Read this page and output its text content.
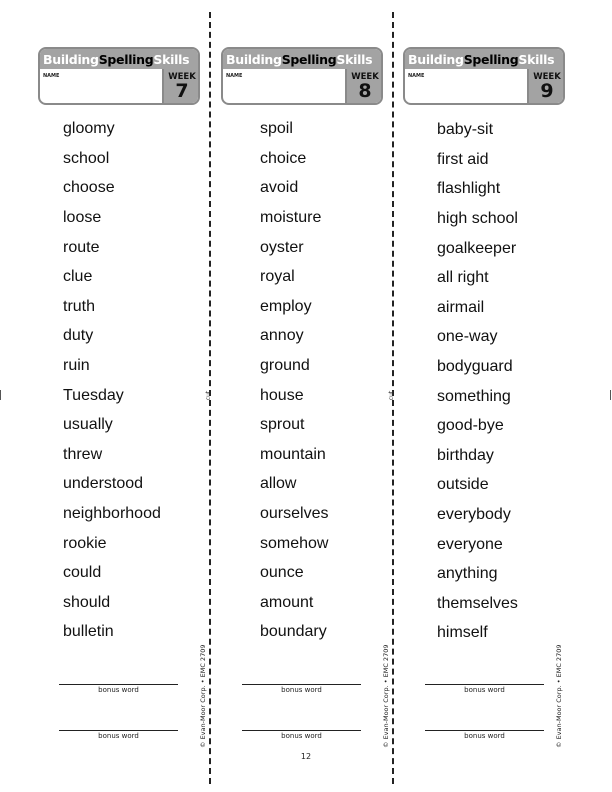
cut	cut
Building Spelling Skills
NAME	WEEK
7
gloomy
school
choose
loose
route
clue
truth
duty
ruin
Tuesday
usually
threw
understood
neighborhood
rookie
could
should
bulletin
bonus word
bonus word	© Evan-Moor Corp. • EMC 2709
Building Spelling Skills
NAME	WEEK
8
spoil
choice
avoid
moisture
oyster
royal
employ
annoy
ground
house
sprout
mountain
allow
ourselves
somehow
ounce
amount
boundary
bonus word
bonus word	© Evan-Moor Corp. • EMC 2709
Building Spelling Skills
NAME	WEEK
9
baby-sit
first aid
flashlight
high school
goalkeeper
all right
airmail
one-way
bodyguard
something
good-bye
birthday
outside
everybody
everyone
anything
themselves
himself
bonus word
bonus word	© Evan-Moor Corp. • EMC 2709
12
